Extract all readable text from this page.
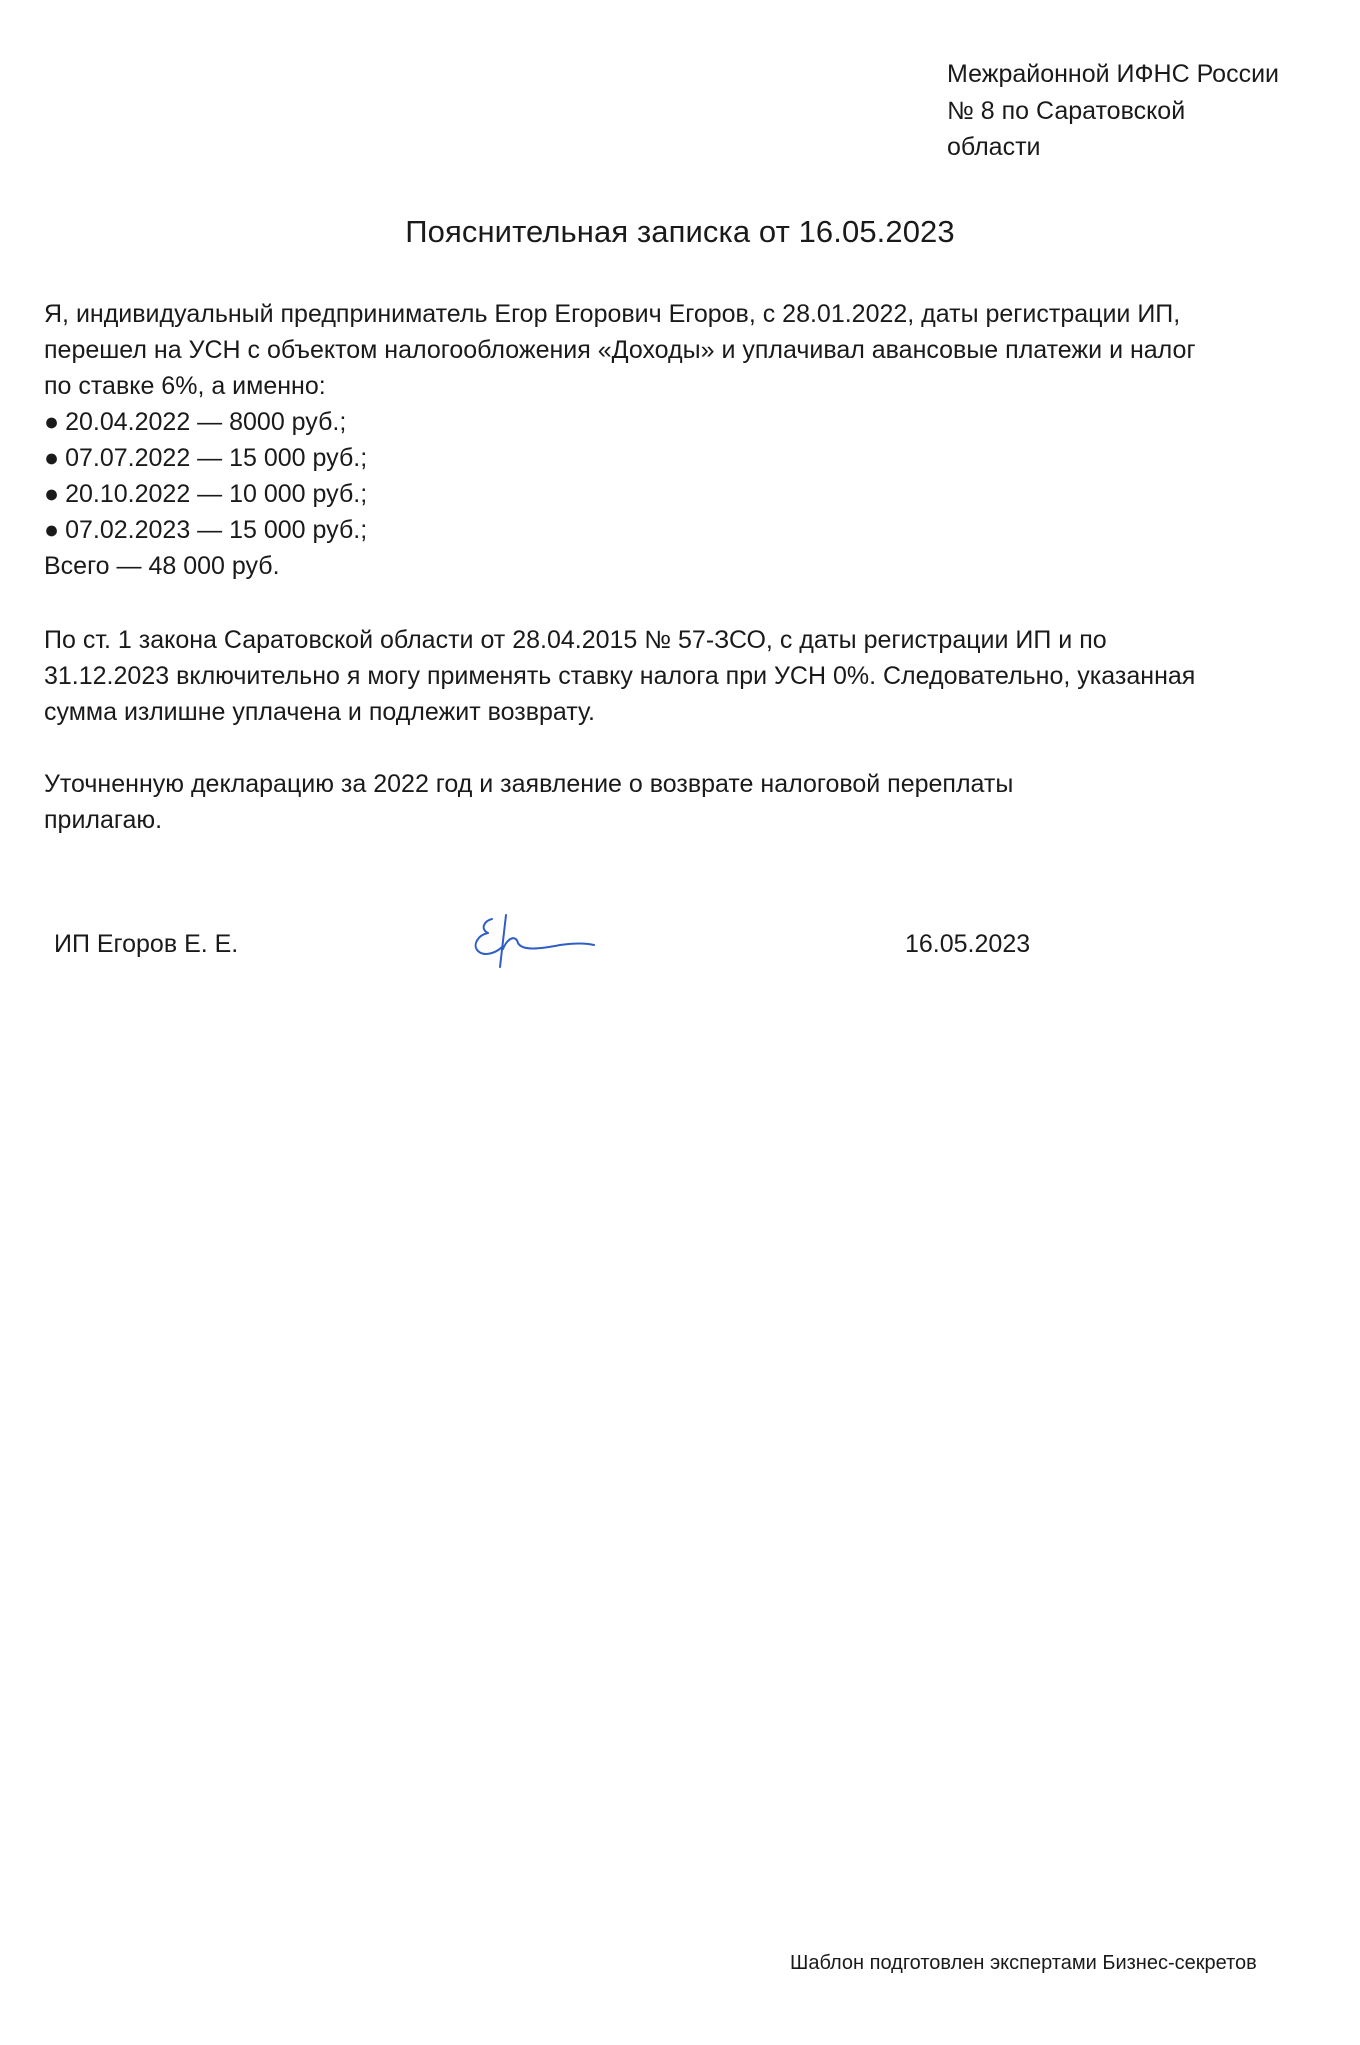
Межрайонной ИФНС России
№ 8 по Саратовской
области
Пояснительная записка от 16.05.2023
Я, индивидуальный предприниматель Егор Егорович Егоров, с 28.01.2022, даты регистрации ИП,
перешел на УСН с объектом налогообложения «Доходы» и уплачивал авансовые платежи и налог
по ставке 6%, а именно:
● 20.04.2022 — 8000 руб.;
● 07.07.2022 — 15 000 руб.;
● 20.10.2022 — 10 000 руб.;
● 07.02.2023 — 15 000 руб.;
Всего — 48 000 руб.
По ст. 1 закона Саратовской области от 28.04.2015 № 57-ЗСО, с даты регистрации ИП и по
31.12.2023 включительно я могу применять ставку налога при УСН 0%. Следовательно, указанная
сумма излишне уплачена и подлежит возврату.
Уточненную декларацию за 2022 год и заявление о возврате налоговой переплаты
прилагаю.
ИП Егоров Е. Е.	16.05.2023
Шаблон подготовлен экспертами Бизнес-секретов
